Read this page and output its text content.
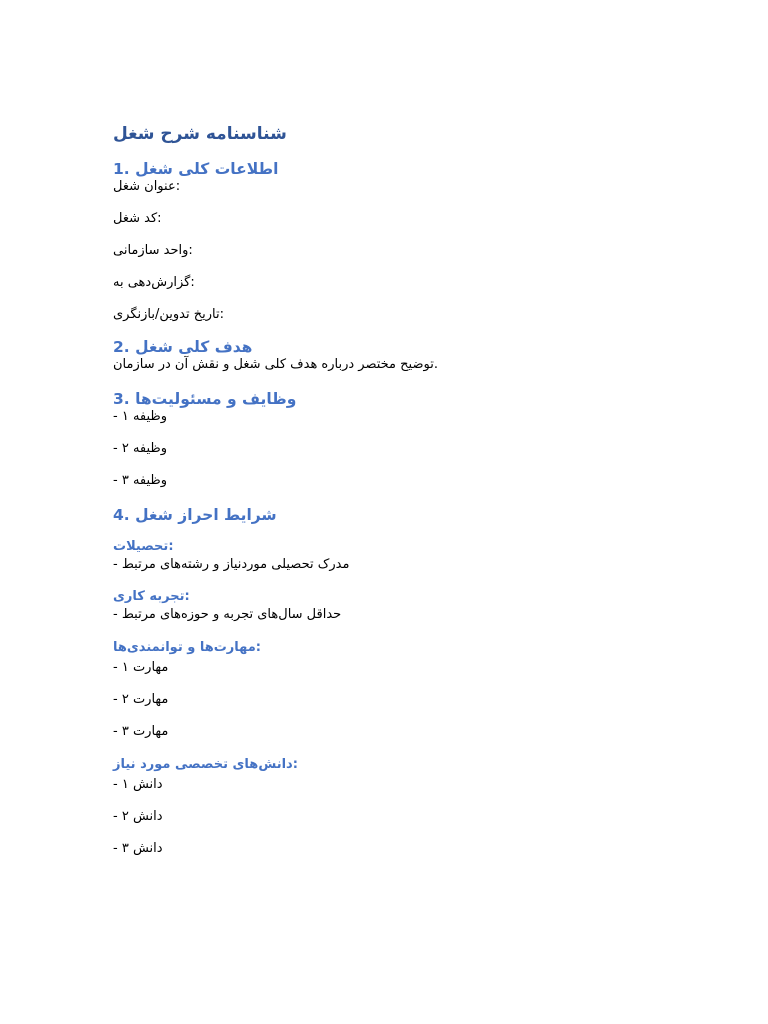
شناسنامه شرح شغل
1. اطلاعات کلی شغل

عنوان شغل:

کد شغل:

واحد سازمانی:

گزارش‌دهی به:

تاریخ تدوین/بازنگری:

2. هدف کلی شغل

توضیح مختصر درباره هدف کلی شغل و نقش آن در سازمان.

3. وظایف و مسئولیت‌ها

- وظیفه ۱

- وظیفه ۲

- وظیفه ۳

4. شرایط احراز شغل
تحصیلات:

- مدرک تحصیلی موردنیاز و رشته‌های مرتبط

تجربه کاری:

- حداقل سال‌های تجربه و حوزه‌های مرتبط

مهارت‌ها و توانمندی‌ها:

- مهارت ۱

- مهارت ۲

- مهارت ۳

دانش‌های تخصصی مورد نیاز:

- دانش ۱

- دانش ۲

- دانش ۳
